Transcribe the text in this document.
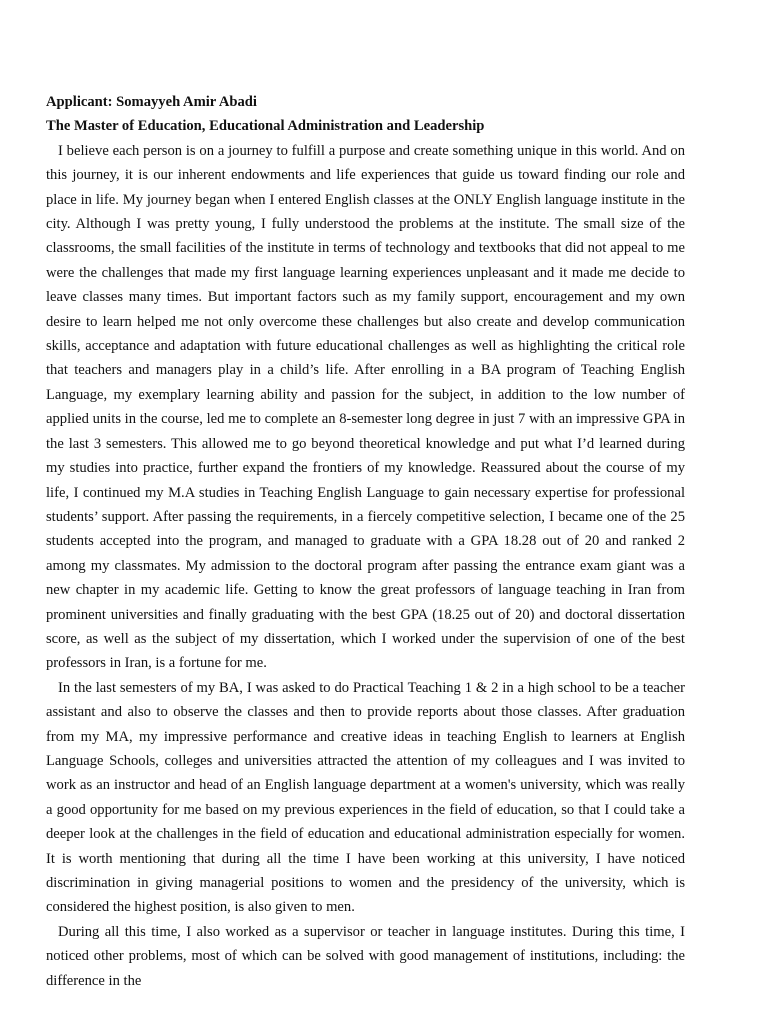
Applicant: Somayyeh Amir Abadi

The Master of Education, Educational Administration and Leadership

I believe each person is on a journey to fulfill a purpose and create something unique in this world. And on this journey, it is our inherent endowments and life experiences that guide us toward finding our role and place in life. My journey began when I entered English classes at the ONLY English language institute in the city. Although I was pretty young, I fully understood the problems at the institute. The small size of the classrooms, the small facilities of the institute in terms of technology and textbooks that did not appeal to me were the challenges that made my first language learning experiences unpleasant and it made me decide to leave classes many times. But important factors such as my family support, encouragement and my own desire to learn helped me not only overcome these challenges but also create and develop communication skills, acceptance and adaptation with future educational challenges as well as highlighting the critical role that teachers and managers play in a child’s life. After enrolling in a BA program of Teaching English Language, my exemplary learning ability and passion for the subject, in addition to the low number of applied units in the course, led me to complete an 8-semester long degree in just 7 with an impressive GPA in the last 3 semesters. This allowed me to go beyond theoretical knowledge and put what I’d learned during my studies into practice, further expand the frontiers of my knowledge. Reassured about the course of my life, I continued my M.A studies in Teaching English Language to gain necessary expertise for professional students’ support. After passing the requirements, in a fiercely competitive selection, I became one of the 25 students accepted into the program, and managed to graduate with a GPA 18.28 out of 20 and ranked 2 among my classmates. My admission to the doctoral program after passing the entrance exam giant was a new chapter in my academic life. Getting to know the great professors of language teaching in Iran from prominent universities and finally graduating with the best GPA (18.25 out of 20) and doctoral dissertation score, as well as the subject of my dissertation, which I worked under the supervision of one of the best professors in Iran, is a fortune for me.

In the last semesters of my BA, I was asked to do Practical Teaching 1 & 2 in a high school to be a teacher assistant and also to observe the classes and then to provide reports about those classes. After graduation from my MA, my impressive performance and creative ideas in teaching English to learners at English Language Schools, colleges and universities attracted the attention of my colleagues and I was invited to work as an instructor and head of an English language department at a women's university, which was really a good opportunity for me based on my previous experiences in the field of education, so that I could take a deeper look at the challenges in the field of education and educational administration especially for women. It is worth mentioning that during all the time I have been working at this university, I have noticed discrimination in giving managerial positions to women and the presidency of the university, which is considered the highest position, is also given to men.

During all this time, I also worked as a supervisor or teacher in language institutes. During this time, I noticed other problems, most of which can be solved with good management of institutions, including: the difference in the
